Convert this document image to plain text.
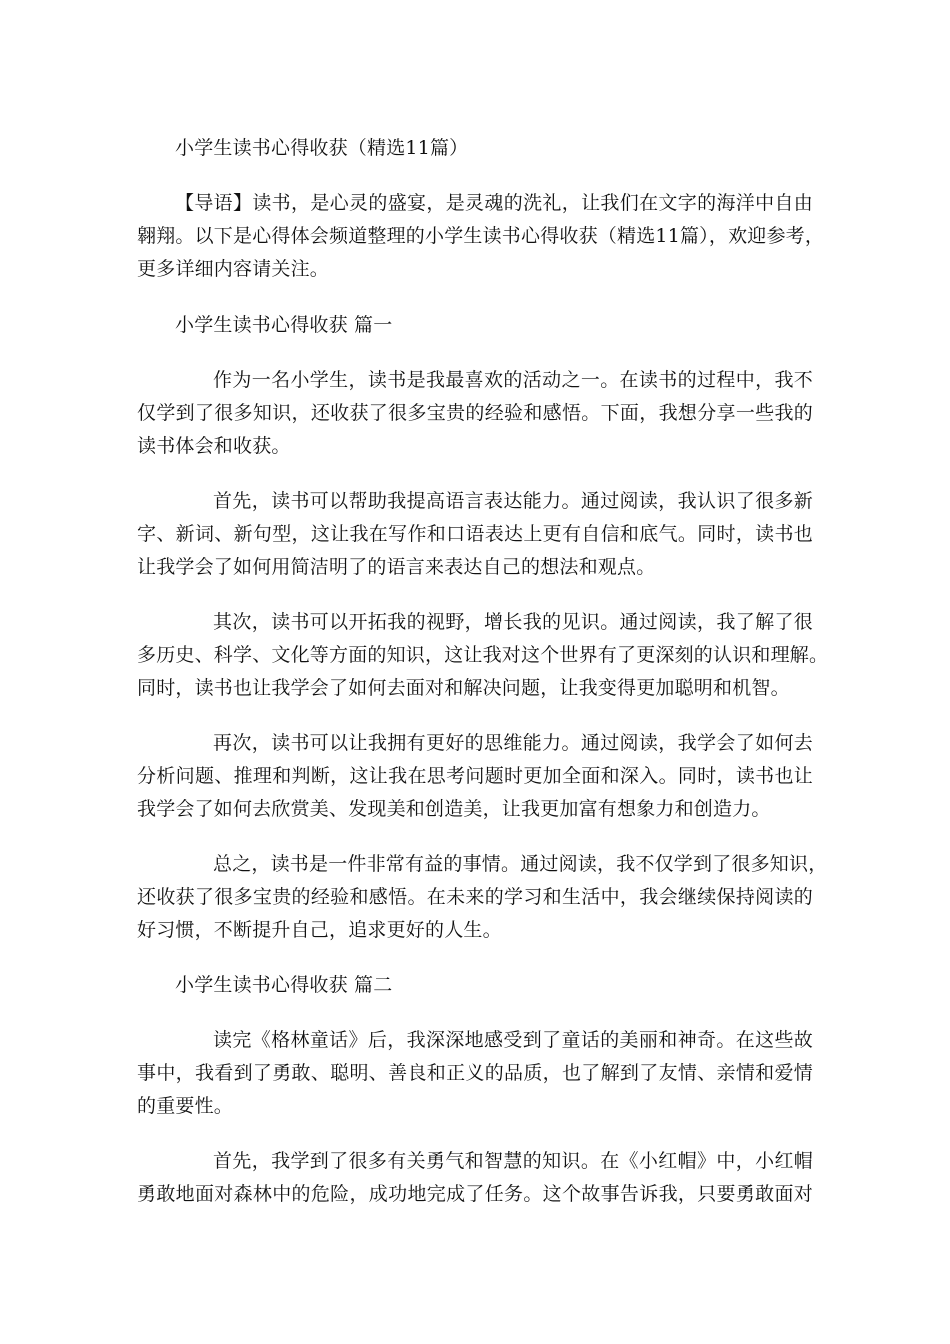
小学生读书心得收获（精选11篇）
【导语】读书，是心灵的盛宴，是灵魂的洗礼，让我们在文字的海洋中自由
翱翔。以下是心得体会频道整理的小学生读书心得收获（精选11篇），欢迎参考，
更多详细内容请关注。
小学生读书心得收获 篇一
作为一名小学生，读书是我最喜欢的活动之一。在读书的过程中，我不
仅学到了很多知识，还收获了很多宝贵的经验和感悟。下面，我想分享一些我的
读书体会和收获。
首先，读书可以帮助我提高语言表达能力。通过阅读，我认识了很多新
字、新词、新句型，这让我在写作和口语表达上更有自信和底气。同时，读书也
让我学会了如何用简洁明了的语言来表达自己的想法和观点。
其次，读书可以开拓我的视野，增长我的见识。通过阅读，我了解了很
多历史、科学、文化等方面的知识，这让我对这个世界有了更深刻的认识和理解。
同时，读书也让我学会了如何去面对和解决问题，让我变得更加聪明和机智。
再次，读书可以让我拥有更好的思维能力。通过阅读，我学会了如何去
分析问题、推理和判断，这让我在思考问题时更加全面和深入。同时，读书也让
我学会了如何去欣赏美、发现美和创造美，让我更加富有想象力和创造力。
总之，读书是一件非常有益的事情。通过阅读，我不仅学到了很多知识，
还收获了很多宝贵的经验和感悟。在未来的学习和生活中，我会继续保持阅读的
好习惯，不断提升自己，追求更好的人生。
小学生读书心得收获 篇二
读完《格林童话》后，我深深地感受到了童话的美丽和神奇。在这些故
事中，我看到了勇敢、聪明、善良和正义的品质，也了解到了友情、亲情和爱情
的重要性。
首先，我学到了很多有关勇气和智慧的知识。在《小红帽》中，小红帽
勇敢地面对森林中的危险，成功地完成了任务。这个故事告诉我，只要勇敢面对
